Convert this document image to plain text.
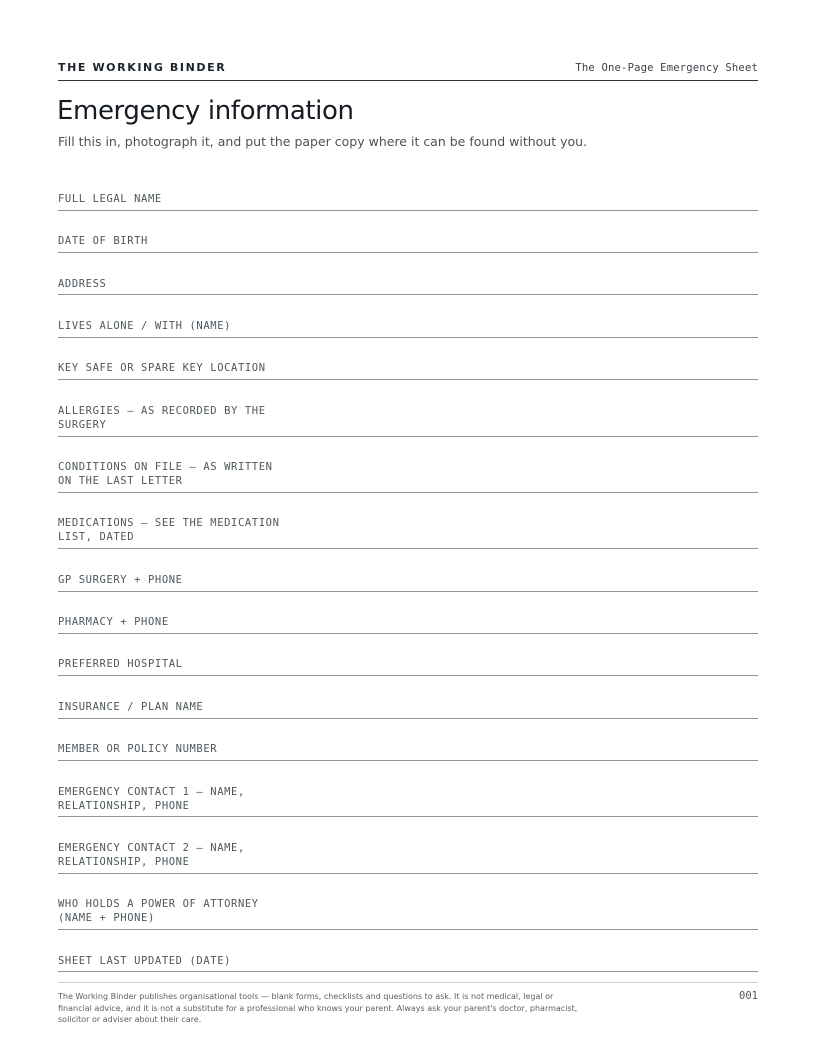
THE WORKING BINDER	The One-Page Emergency Sheet
Emergency information

Fill this in, photograph it, and put the paper copy where it can be found without you.

FULL LEGAL NAME
DATE OF BIRTH
ADDRESS
LIVES ALONE / WITH (NAME)
KEY SAFE OR SPARE KEY LOCATION
ALLERGIES — AS RECORDED BY THE
SURGERY
CONDITIONS ON FILE — AS WRITTEN
ON THE LAST LETTER
MEDICATIONS — SEE THE MEDICATION
LIST, DATED
GP SURGERY + PHONE
PHARMACY + PHONE
PREFERRED HOSPITAL
INSURANCE / PLAN NAME
MEMBER OR POLICY NUMBER
EMERGENCY CONTACT 1 — NAME,
RELATIONSHIP, PHONE
EMERGENCY CONTACT 2 — NAME,
RELATIONSHIP, PHONE
WHO HOLDS A POWER OF ATTORNEY
(NAME + PHONE)
SHEET LAST UPDATED (DATE)

The Working Binder publishes organisational tools — blank forms, checklists and questions to ask. It is not medical, legal or financial advice, and it is not a substitute for a professional who knows your parent. Always ask your parent's doctor, pharmacist, solicitor or adviser about their care.

001
